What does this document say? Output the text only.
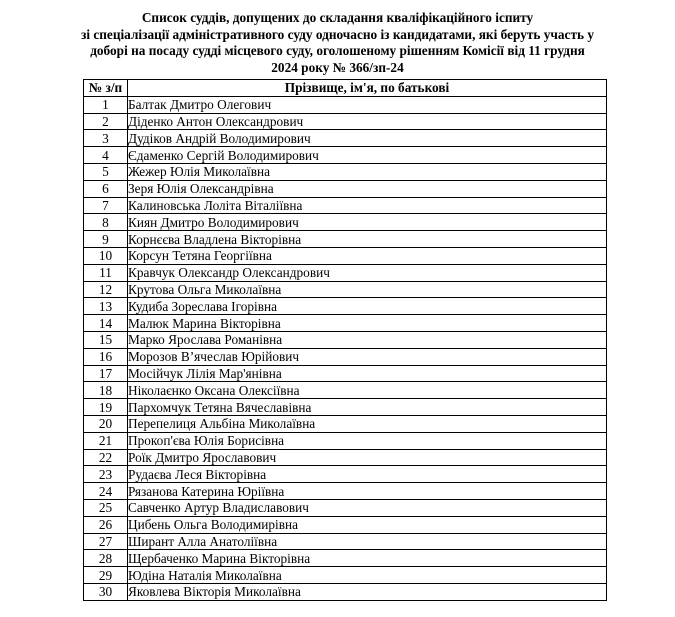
Список суддів, допущених до складання кваліфікаційного іспиту
зі спеціалізації адміністративного суду одночасно із кандидатами, які беруть участь у
доборі на посаду судді місцевого суду, оголошеному рішенням Комісії від 11 грудня
2024 року № 366/зп-24
№ з/п	Прізвище, ім'я, по батькові
1	Балтак Дмитро Олегович
2	Діденко Антон Олександрович
3	Дудіков Андрій Володимирович
4	Єдаменко Сергій Володимирович
5	Жежер Юлія Миколаївна
6	Зеря Юлія Олександрівна
7	Калиновська Лоліта Віталіївна
8	Киян Дмитро Володимирович
9	Корнєєва Владлена Вікторівна
10	Корсун Тетяна Георгіївна
11	Кравчук Олександр Олександрович
12	Крутова Ольга Миколаївна
13	Кудиба Зорeслава Ігорівна
14	Малюк Марина Вікторівна
15	Марко Ярослава Романівна
16	Морозов В’ячеслав Юрійович
17	Мосійчук Лілія Мар'янівна
18	Ніколаєнко Оксана Олексіївна
19	Пархомчук Тетяна Вячеславівна
20	Перепелиця Альбіна Миколаївна
21	Прокоп'єва Юлія Борисівна
22	Роїк Дмитро Ярославович
23	Рудаєва Леся Вікторівна
24	Рязанова Катерина Юріївна
25	Савченко Артур Владиславович
26	Цибень Ольга Володимирівна
27	Ширант Алла Анатоліївна
28	Щербаченко Марина Вікторівна
29	Юдіна Наталія Миколаївна
30	Яковлева Вікторія Миколаївна
